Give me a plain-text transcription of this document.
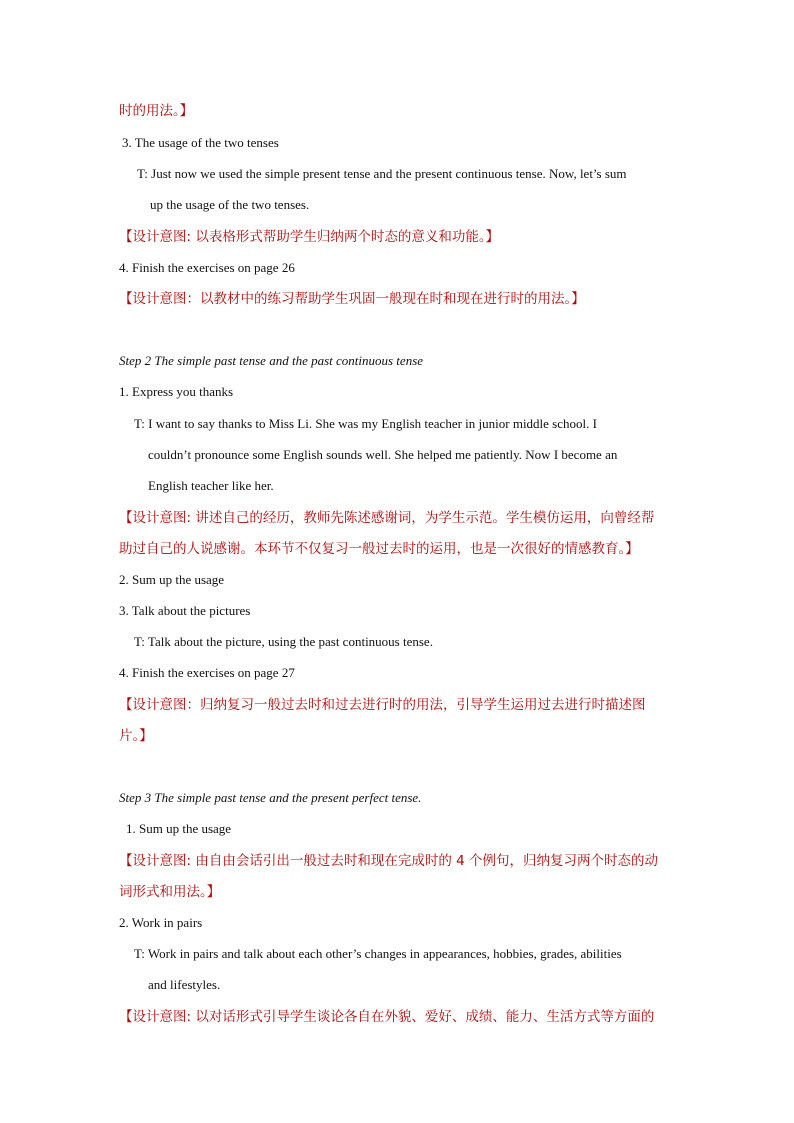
时的用法。】
3. The usage of the two tenses
T: Just now we used the simple present tense and the present continuous tense. Now, let’s sum
up the usage of the two tenses.
【设计意图: 以表格形式帮助学生归纳两个时态的意义和功能。】
4. Finish the exercises on page 26
【设计意图：以教材中的练习帮助学生巩固一般现在时和现在进行时的用法。】
Step 2 The simple past tense and the past continuous tense
1. Express you thanks
T: I want to say thanks to Miss Li. She was my English teacher in junior middle school. I
couldn’t pronounce some English sounds well. She helped me patiently. Now I become an
English teacher like her.
【设计意图: 讲述自己的经历，教师先陈述感谢词，为学生示范。学生模仿运用，向曾经帮
助过自己的人说感谢。本环节不仅复习一般过去时的运用，也是一次很好的情感教育。】
2. Sum up the usage
3. Talk about the pictures
T: Talk about the picture, using the past continuous tense.
4. Finish the exercises on page 27
【设计意图：归纳复习一般过去时和过去进行时的用法，引导学生运用过去进行时描述图
片。】
Step 3 The simple past tense and the present perfect tense.
1. Sum up the usage
【设计意图: 由自由会话引出一般过去时和现在完成时的 4 个例句，归纳复习两个时态的动
词形式和用法。】
2. Work in pairs
T: Work in pairs and talk about each other’s changes in appearances, hobbies, grades, abilities
and lifestyles.
【设计意图: 以对话形式引导学生谈论各自在外貌、爱好、成绩、能力、生活方式等方面的
